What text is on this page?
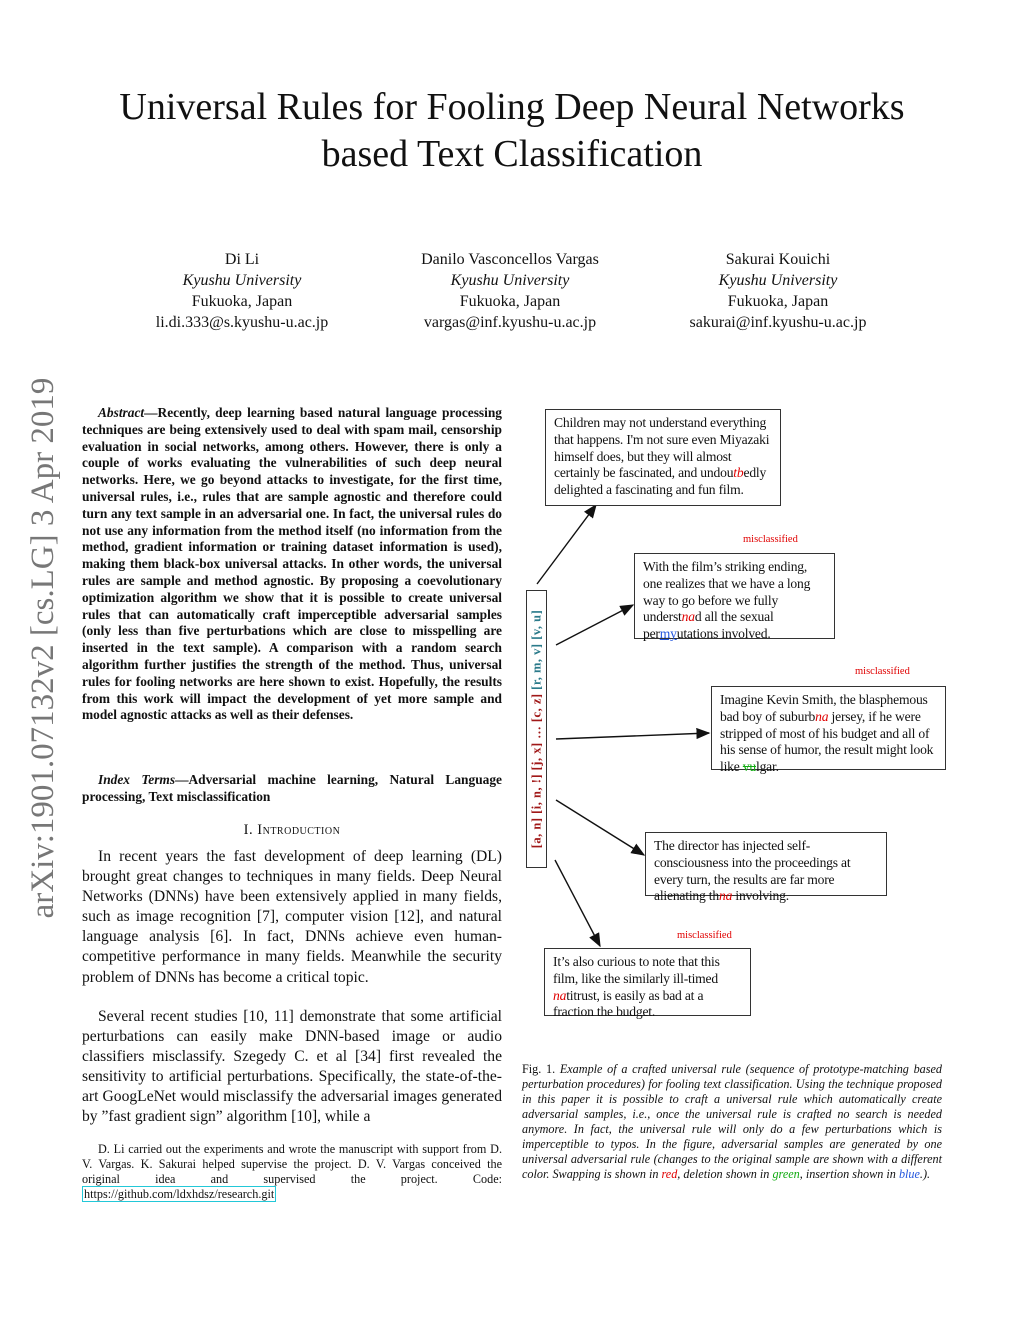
Universal Rules for Fooling Deep Neural Networks
based Text Classification
Di Li
Kyushu University
Fukuoka, Japan
li.di.333@s.kyushu-u.ac.jp
Danilo Vasconcellos Vargas
Kyushu University
Fukuoka, Japan
vargas@inf.kyushu-u.ac.jp
Sakurai Kouichi
Kyushu University
Fukuoka, Japan
sakurai@inf.kyushu-u.ac.jp
arXiv:1901.07132v2 [cs.LG] 3 Apr 2019	Abstract—Recently, deep learning based natural language processing techniques are being extensively used to deal with spam mail, censorship evaluation in social networks, among others. However, there is only a couple of works evaluating the vulnerabilities of such deep neural networks. Here, we go beyond attacks to investigate, for the first time, universal rules, i.e., rules that are sample agnostic and therefore could turn any text sample in an adversarial one. In fact, the universal rules do not use any information from the method itself (no information from the method, gradient information or training dataset information is used), making them black-box universal attacks. In other words, the universal rules are sample and method agnostic. By proposing a coevolutionary optimization algorithm we show that it is possible to create universal rules that can automatically craft imperceptible adversarial samples (only less than five perturbations which are close to misspelling are inserted in the text sample). A comparison with a random search algorithm further justifies the strength of the method. Thus, universal rules for fooling networks are here shown to exist. Hopefully, the results from this work will impact the development of yet more sample and model agnostic attacks as well as their defenses.
Index Terms—Adversarial machine learning, Natural Language processing, Text misclassification
I. Introduction
In recent years the fast development of deep learning (DL) brought great changes to techniques in many fields. Deep Neural Networks (DNNs) have been extensively applied in many fields, such as image recognition [7], computer vision [12], and natural language analysis [6]. In fact, DNNs achieve even human-competitive performance in many fields. Meanwhile the security problem of DNNs has become a critical topic.
Several recent studies [10, 11] demonstrate that some artificial perturbations can easily make DNN-based image or audio classifiers misclassify. Szegedy C. et al [34] first revealed the sensitivity to artificial perturbations. Specifically, the state-of-the-art GoogLeNet would misclassify the adversarial images generated by ”fast gradient sign” algorithm [10], while a
D. Li carried out the experiments and wrote the manuscript with support from D. V. Vargas. K. Sakurai helped supervise the project. D. V. Vargas conceived the original idea and supervised the project. Code: https://github.com/ldxhdsz/research.git
Children may not understand everything that happens. I'm not sure even Miyazaki himself does, but they will almost certainly be fascinated, and undoutbedly delighted a fascinating and fun film.
misclassified
With the film’s striking ending, one realizes that we have a long way to go before we fully understnad all the sexual permyutations involved.
misclassified
Imagine Kevin Smith, the blasphemous bad boy of suburbna jersey, if he were stripped of most of his budget and all of his sense of humor, the result might look like vulgar.
The director has injected self-consciousness into the proceedings at every turn, the results are far more alienating thna involving.
misclassified
It’s also curious to note that this film, like the similarly ill-timed natitrust, is easily as bad at a fraction the budget.
[a, n] [i, n, !] [j, x] … [c, z] [r, m, v] [v, u]
Fig. 1. Example of a crafted universal rule (sequence of prototype-matching based perturbation procedures) for fooling text classification. Using the technique proposed in this paper it is possible to craft a universal rule which automatically create adversarial samples, i.e., once the universal rule is crafted no search is needed anymore. In fact, the universal rule will only do a few perturbations which is imperceptible to typos. In the figure, adversarial samples are generated by one universal adversarial rule (changes to the original sample are shown with a different color. Swapping is shown in red, deletion shown in green, insertion shown in blue.).
